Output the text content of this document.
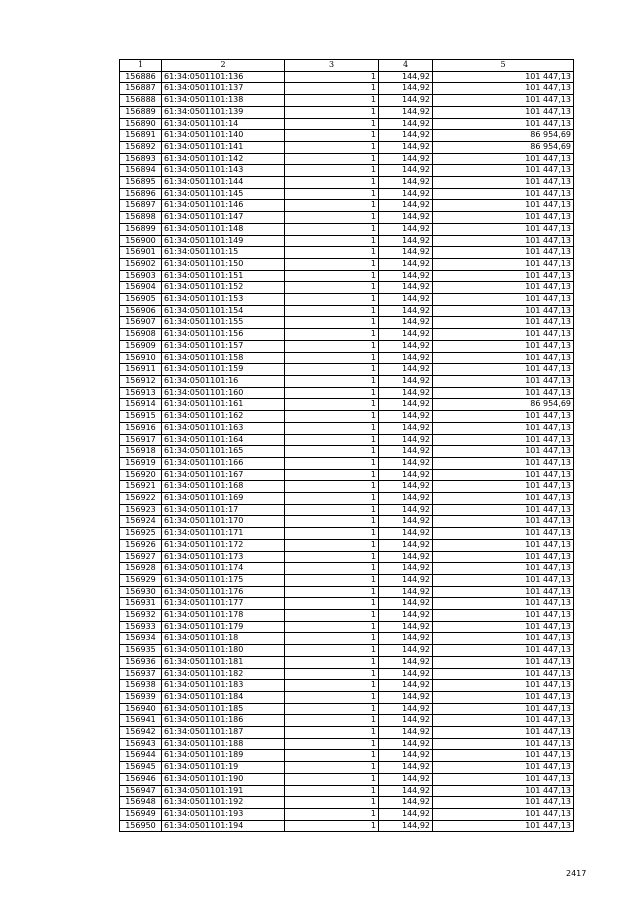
1	2	3	4	5
156886	61:34:0501101:136	1	144,92	101 447,13
156887	61:34:0501101:137	1	144,92	101 447,13
156888	61:34:0501101:138	1	144,92	101 447,13
156889	61:34:0501101:139	1	144,92	101 447,13
156890	61:34:0501101:14	1	144,92	101 447,13
156891	61:34:0501101:140	1	144,92	86 954,69
156892	61:34:0501101:141	1	144,92	86 954,69
156893	61:34:0501101:142	1	144,92	101 447,13
156894	61:34:0501101:143	1	144,92	101 447,13
156895	61:34:0501101:144	1	144,92	101 447,13
156896	61:34:0501101:145	1	144,92	101 447,13
156897	61:34:0501101:146	1	144,92	101 447,13
156898	61:34:0501101:147	1	144,92	101 447,13
156899	61:34:0501101:148	1	144,92	101 447,13
156900	61:34:0501101:149	1	144,92	101 447,13
156901	61:34:0501101:15	1	144,92	101 447,13
156902	61:34:0501101:150	1	144,92	101 447,13
156903	61:34:0501101:151	1	144,92	101 447,13
156904	61:34:0501101:152	1	144,92	101 447,13
156905	61:34:0501101:153	1	144,92	101 447,13
156906	61:34:0501101:154	1	144,92	101 447,13
156907	61:34:0501101:155	1	144,92	101 447,13
156908	61:34:0501101:156	1	144,92	101 447,13
156909	61:34:0501101:157	1	144,92	101 447,13
156910	61:34:0501101:158	1	144,92	101 447,13
156911	61:34:0501101:159	1	144,92	101 447,13
156912	61:34:0501101:16	1	144,92	101 447,13
156913	61:34:0501101:160	1	144,92	101 447,13
156914	61:34:0501101:161	1	144,92	86 954,69
156915	61:34:0501101:162	1	144,92	101 447,13
156916	61:34:0501101:163	1	144,92	101 447,13
156917	61:34:0501101:164	1	144,92	101 447,13
156918	61:34:0501101:165	1	144,92	101 447,13
156919	61:34:0501101:166	1	144,92	101 447,13
156920	61:34:0501101:167	1	144,92	101 447,13
156921	61:34:0501101:168	1	144,92	101 447,13
156922	61:34:0501101:169	1	144,92	101 447,13
156923	61:34:0501101:17	1	144,92	101 447,13
156924	61:34:0501101:170	1	144,92	101 447,13
156925	61:34:0501101:171	1	144,92	101 447,13
156926	61:34:0501101:172	1	144,92	101 447,13
156927	61:34:0501101:173	1	144,92	101 447,13
156928	61:34:0501101:174	1	144,92	101 447,13
156929	61:34:0501101:175	1	144,92	101 447,13
156930	61:34:0501101:176	1	144,92	101 447,13
156931	61:34:0501101:177	1	144,92	101 447,13
156932	61:34:0501101:178	1	144,92	101 447,13
156933	61:34:0501101:179	1	144,92	101 447,13
156934	61:34:0501101:18	1	144,92	101 447,13
156935	61:34:0501101:180	1	144,92	101 447,13
156936	61:34:0501101:181	1	144,92	101 447,13
156937	61:34:0501101:182	1	144,92	101 447,13
156938	61:34:0501101:183	1	144,92	101 447,13
156939	61:34:0501101:184	1	144,92	101 447,13
156940	61:34:0501101:185	1	144,92	101 447,13
156941	61:34:0501101:186	1	144,92	101 447,13
156942	61:34:0501101:187	1	144,92	101 447,13
156943	61:34:0501101:188	1	144,92	101 447,13
156944	61:34:0501101:189	1	144,92	101 447,13
156945	61:34:0501101:19	1	144,92	101 447,13
156946	61:34:0501101:190	1	144,92	101 447,13
156947	61:34:0501101:191	1	144,92	101 447,13
156948	61:34:0501101:192	1	144,92	101 447,13
156949	61:34:0501101:193	1	144,92	101 447,13
156950	61:34:0501101:194	1	144,92	101 447,13
2417
